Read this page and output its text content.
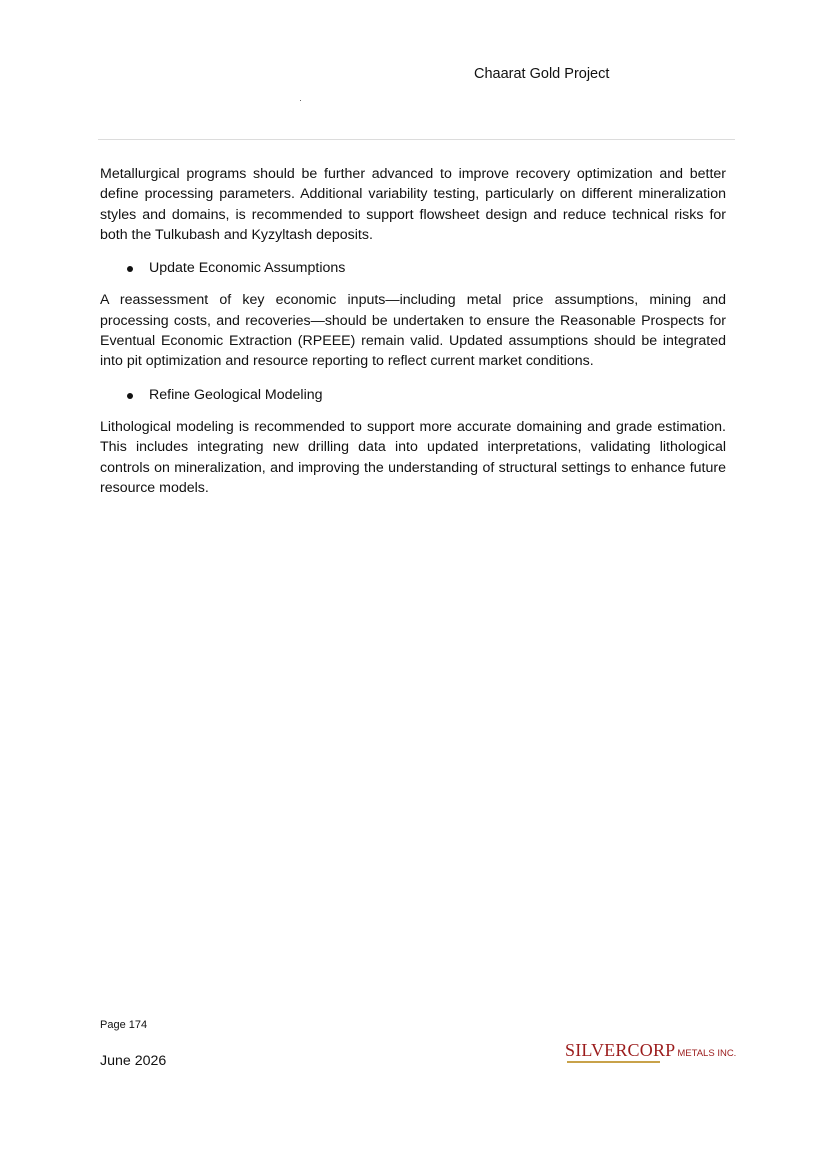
Chaarat Gold Project

Metallurgical programs should be further advanced to improve recovery optimization and better define processing parameters. Additional variability testing, particularly on different mineralization styles and domains, is recommended to support flowsheet design and reduce technical risks for both the Tulkubash and Kyzyltash deposits.

Update Economic Assumptions

A reassessment of key economic inputs—including metal price assumptions, mining and processing costs, and recoveries—should be undertaken to ensure the Reasonable Prospects for Eventual Economic Extraction (RPEEE) remain valid. Updated assumptions should be integrated into pit optimization and resource reporting to reflect current market conditions.

Refine Geological Modeling

Lithological modeling is recommended to support more accurate domaining and grade estimation. This includes integrating new drilling data into updated interpretations, validating lithological controls on mineralization, and improving the understanding of structural settings to enhance future resource models.

Page 174
June 2026
SILVERCORP METALS INC.
